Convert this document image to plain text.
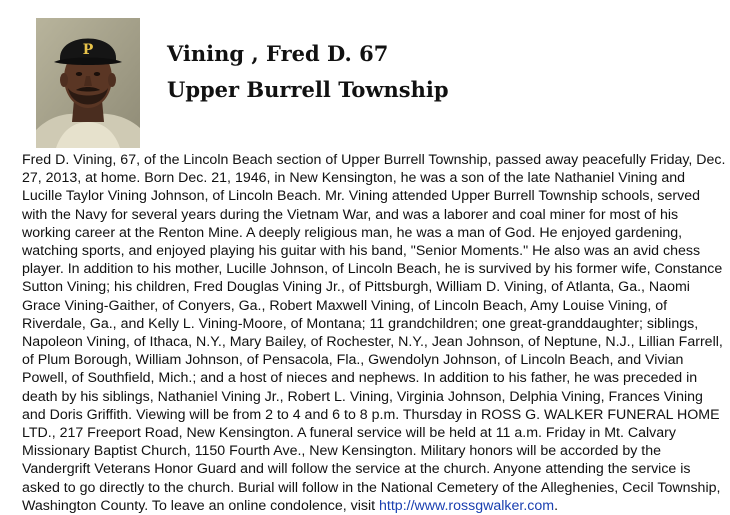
P	Vining , Fred D. 67
Upper Burrell Township
Fred D. Vining, 67, of the Lincoln Beach section of Upper Burrell Township, passed away peacefully Friday, Dec. 27, 2013, at home. Born Dec. 21, 1946, in New Kensington, he was a son of the late Nathaniel Vining and Lucille Taylor Vining Johnson, of Lincoln Beach. Mr. Vining attended Upper Burrell Township schools, served with the Navy for several years during the Vietnam War, and was a laborer and coal miner for most of his working career at the Renton Mine. A deeply religious man, he was a man of God. He enjoyed gardening, watching sports, and enjoyed playing his guitar with his band, "Senior Moments." He also was an avid chess player. In addition to his mother, Lucille Johnson, of Lincoln Beach, he is survived by his former wife, Constance Sutton Vining; his children, Fred Douglas Vining Jr., of Pittsburgh, William D. Vining, of Atlanta, Ga., Naomi Grace Vining-Gaither, of Conyers, Ga., Robert Maxwell Vining, of Lincoln Beach, Amy Louise Vining, of Riverdale, Ga., and Kelly L. Vining-Moore, of Montana; 11 grandchildren; one great-granddaughter; siblings, Napoleon Vining, of Ithaca, N.Y., Mary Bailey, of Rochester, N.Y., Jean Johnson, of Neptune, N.J., Lillian Farrell, of Plum Borough, William Johnson, of Pensacola, Fla., Gwendolyn Johnson, of Lincoln Beach, and Vivian Powell, of Southfield, Mich.; and a host of nieces and nephews. In addition to his father, he was preceded in death by his siblings, Nathaniel Vining Jr., Robert L. Vining, Virginia Johnson, Delphia Vining, Frances Vining and Doris Griffith. Viewing will be from 2 to 4 and 6 to 8 p.m. Thursday in ROSS G. WALKER FUNERAL HOME LTD., 217 Freeport Road, New Kensington. A funeral service will be held at 11 a.m. Friday in Mt. Calvary Missionary Baptist Church, 1150 Fourth Ave., New Kensington. Military honors will be accorded by the Vandergrift Veterans Honor Guard and will follow the service at the church. Anyone attending the service is asked to go directly to the church. Burial will follow in the National Cemetery of the Alleghenies, Cecil Township, Washington County. To leave an online condolence, visit http://www.rossgwalker.com.
